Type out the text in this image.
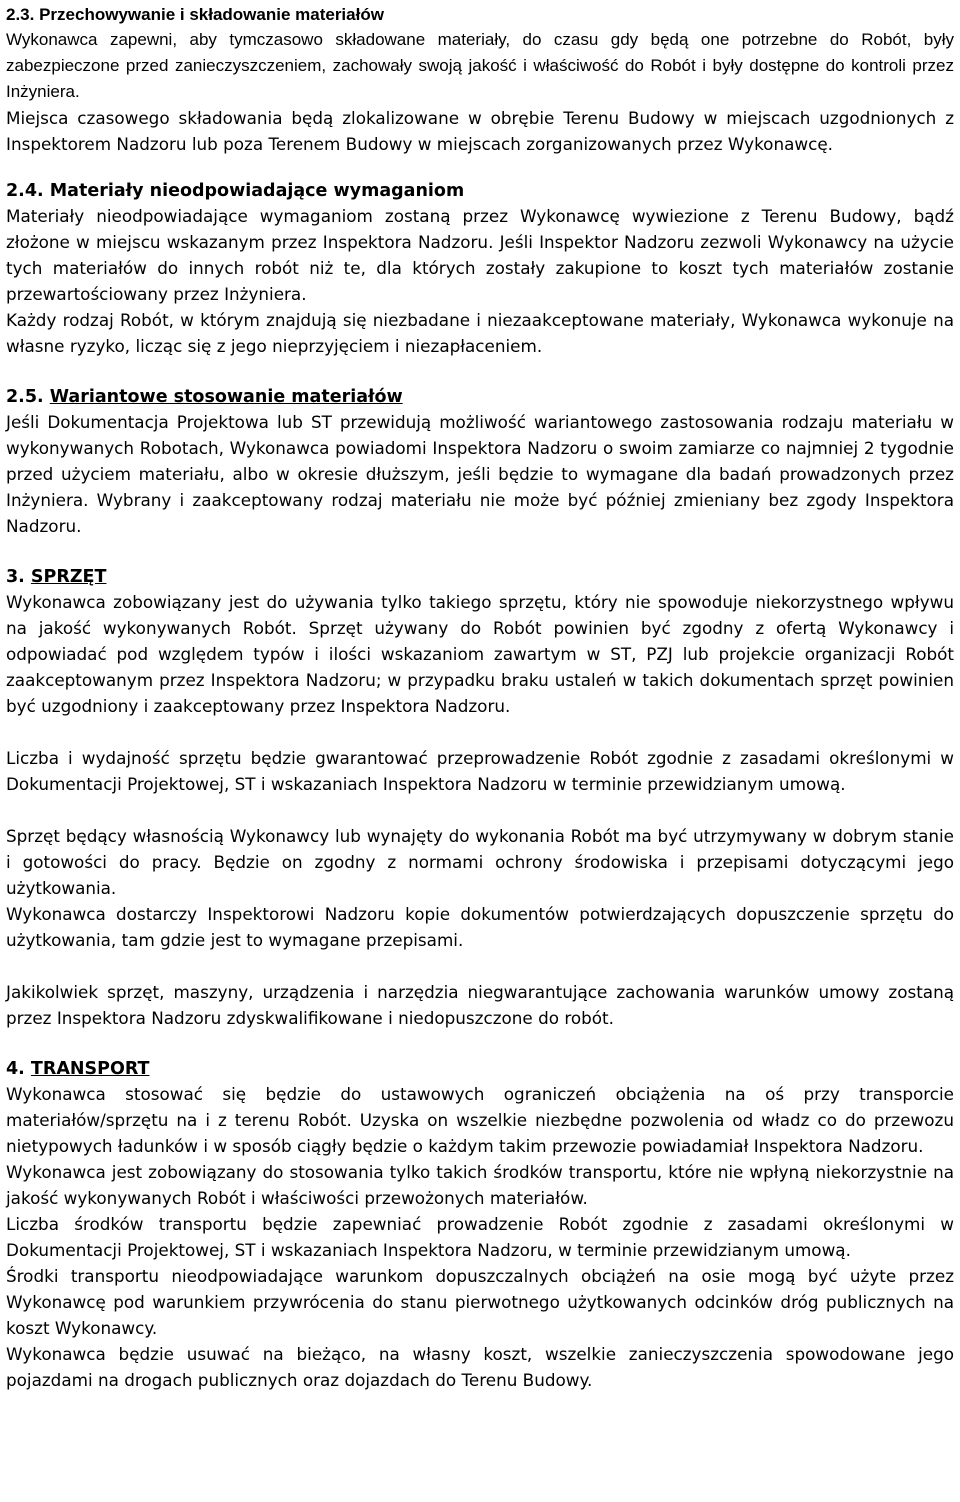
2.3. Przechowywanie i składowanie materiałów

Wykonawca zapewni, aby tymczasowo składowane materiały, do czasu gdy będą one potrzebne do Robót, były zabezpieczone przed zanieczyszczeniem, zachowały swoją jakość i właściwość do Robót i były dostępne do kontroli przez Inżyniera.

Miejsca czasowego składowania będą zlokalizowane w obrębie Terenu Budowy w miejscach uzgodnionych z Inspektorem Nadzoru lub poza Terenem Budowy w miejscach zorganizowanych przez Wykonawcę.

2.4. Materiały nieodpowiadające wymaganiom

Materiały nieodpowiadające wymaganiom zostaną przez Wykonawcę wywiezione z Terenu Budowy, bądź złożone w miejscu wskazanym przez Inspektora Nadzoru. Jeśli Inspektor Nadzoru zezwoli Wykonawcy na użycie tych materiałów do innych robót niż te, dla których zostały zakupione to koszt tych materiałów zostanie przewartościowany przez Inżyniera.

Każdy rodzaj Robót, w którym znajdują się niezbadane i niezaakceptowane materiały, Wykonawca wykonuje na własne ryzyko, licząc się z jego nieprzyjęciem i niezapłaceniem.

2.5. Wariantowe stosowanie materiałów

Jeśli Dokumentacja Projektowa lub ST przewidują możliwość wariantowego zastosowania rodzaju materiału w wykonywanych Robotach, Wykonawca powiadomi Inspektora Nadzoru o swoim zamiarze co najmniej 2 tygodnie przed użyciem materiału, albo w okresie dłuższym, jeśli będzie to wymagane dla badań prowadzonych przez Inżyniera. Wybrany i zaakceptowany rodzaj materiału nie może być później zmieniany bez zgody Inspektora Nadzoru.

3. SPRZĘT

Wykonawca zobowiązany jest do używania tylko takiego sprzętu, który nie spowoduje niekorzystnego wpływu na jakość wykonywanych Robót. Sprzęt używany do Robót powinien być zgodny z ofertą Wykonawcy i odpowiadać pod względem typów i ilości wskazaniom zawartym w ST, PZJ lub projekcie organizacji Robót zaakceptowanym przez Inspektora Nadzoru; w przypadku braku ustaleń w takich dokumentach sprzęt powinien być uzgodniony i zaakceptowany przez Inspektora Nadzoru.

Liczba i wydajność sprzętu będzie gwarantować przeprowadzenie Robót zgodnie z zasadami określonymi w Dokumentacji Projektowej, ST i wskazaniach Inspektora Nadzoru w terminie przewidzianym umową.

Sprzęt będący własnością Wykonawcy lub wynajęty do wykonania Robót ma być utrzymywany w dobrym stanie i gotowości do pracy. Będzie on zgodny z normami ochrony środowiska i przepisami dotyczącymi jego użytkowania.

Wykonawca dostarczy Inspektorowi Nadzoru kopie dokumentów potwierdzających dopuszczenie sprzętu do użytkowania, tam gdzie jest to wymagane przepisami.

Jakikolwiek sprzęt, maszyny, urządzenia i narzędzia niegwarantujące zachowania warunków umowy zostaną przez Inspektora Nadzoru zdyskwalifikowane i niedopuszczone do robót.

4. TRANSPORT

Wykonawca stosować się będzie do ustawowych ograniczeń obciążenia na oś przy transporcie materiałów/sprzętu na i z terenu Robót. Uzyska on wszelkie niezbędne pozwolenia od władz co do przewozu nietypowych ładunków i w sposób ciągły będzie o każdym takim przewozie powiadamiał Inspektora Nadzoru.

Wykonawca jest zobowiązany do stosowania tylko takich środków transportu, które nie wpłyną niekorzystnie na jakość wykonywanych Robót i właściwości przewożonych materiałów.

Liczba środków transportu będzie zapewniać prowadzenie Robót zgodnie z zasadami określonymi w Dokumentacji Projektowej, ST i wskazaniach Inspektora Nadzoru, w terminie przewidzianym umową.

Środki transportu nieodpowiadające warunkom dopuszczalnych obciążeń na osie mogą być użyte przez Wykonawcę pod warunkiem przywrócenia do stanu pierwotnego użytkowanych odcinków dróg publicznych na koszt Wykonawcy.

Wykonawca będzie usuwać na bieżąco, na własny koszt, wszelkie zanieczyszczenia spowodowane jego pojazdami na drogach publicznych oraz dojazdach do Terenu Budowy.
